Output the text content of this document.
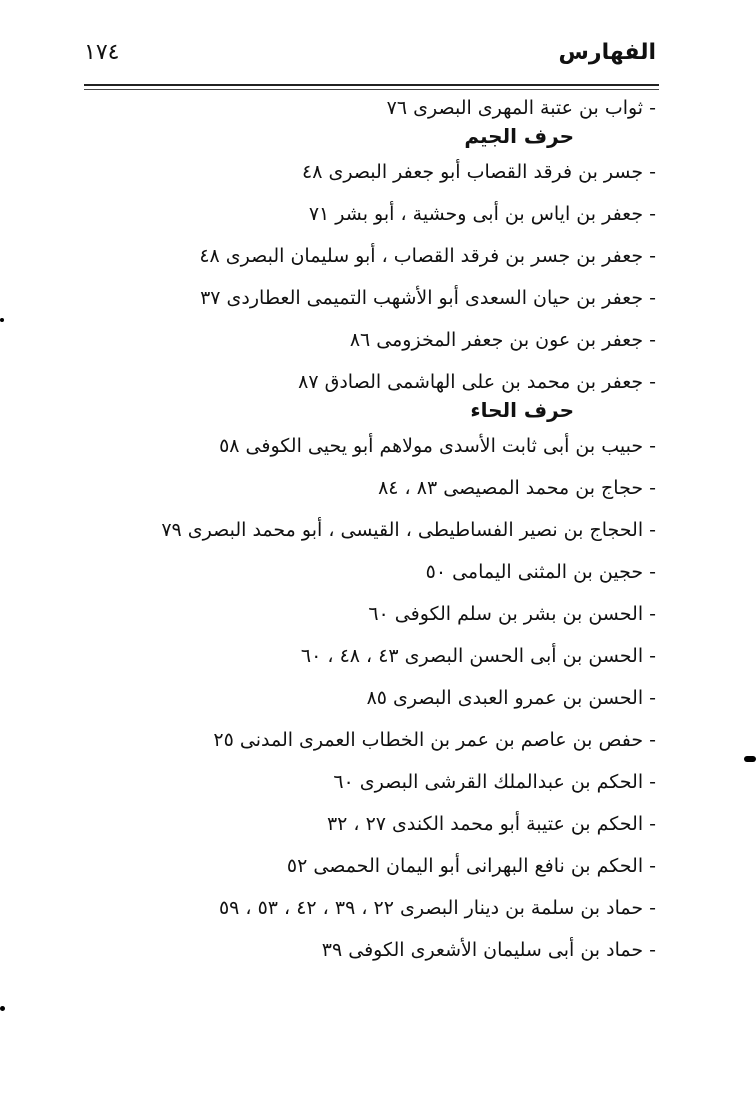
الفهارس
١٧٤
- ثواب بن عتبة المهرى البصرى ٧٦
حرف الجيم
- جسر بن فرقد القصاب أبو جعفر البصرى ٤٨
- جعفر بن اياس بن أبى وحشية ، أبو بشر ٧١
- جعفر بن جسر بن فرقد القصاب ، أبو سليمان البصرى ٤٨
- جعفر بن حيان السعدى أبو الأشهب التميمى العطاردى ٣٧
- جعفر بن عون بن جعفر المخزومى ٨٦
- جعفر بن محمد بن على الهاشمى الصادق ٨٧
حرف الحاء
- حبيب بن أبى ثابت الأسدى مولاهم أبو يحيى الكوفى ٥٨
- حجاج بن محمد المصيصى ٨٣ ، ٨٤
- الحجاج بن نصير الفساطيطى ، القيسى ، أبو محمد البصرى ٧٩
- حجين بن المثنى اليمامى ٥٠
- الحسن بن بشر بن سلم الكوفى ٦٠
- الحسن بن أبى الحسن البصرى ٤٣ ، ٤٨ ، ٦٠
- الحسن بن عمرو العبدى البصرى ٨٥
- حفص بن عاصم بن عمر بن الخطاب العمرى المدنى ٢٥
- الحكم بن عبدالملك القرشى البصرى ٦٠
- الحكم بن عتيبة أبو محمد الكندى ٢٧ ، ٣٢
- الحكم بن نافع البهرانى أبو اليمان الحمصى ٥٢
- حماد بن سلمة بن دينار البصرى ٢٢ ، ٣٩ ، ٤٢ ، ٥٣ ، ٥٩
- حماد بن أبى سليمان الأشعرى الكوفى ٣٩
